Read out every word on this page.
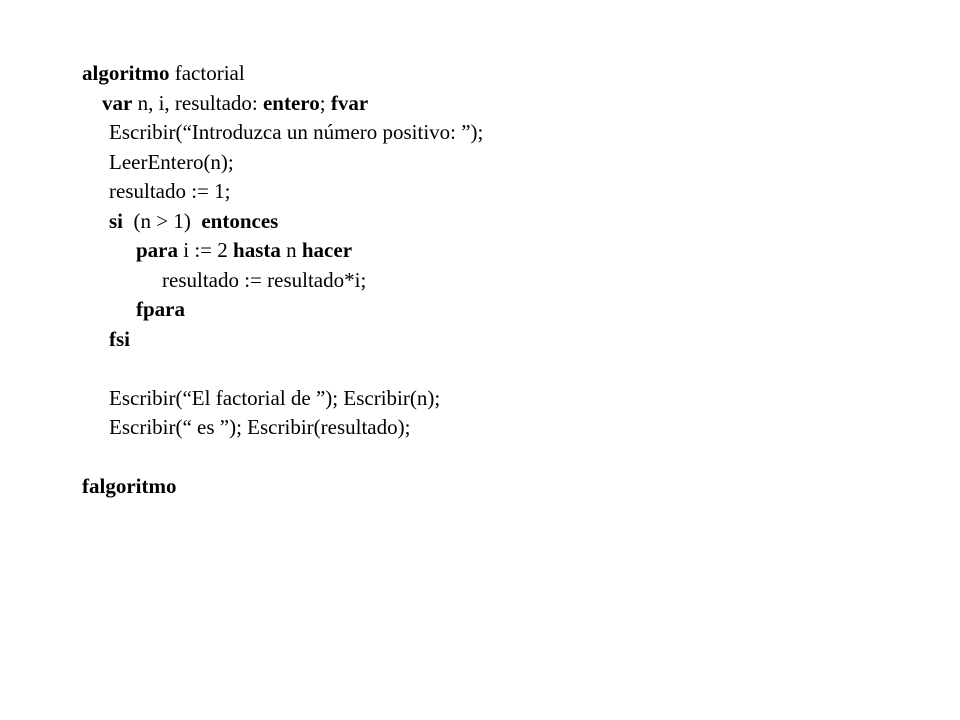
algoritmo factorial
var n, i, resultado: entero; fvar
Escribir(“Introduzca un número positivo: ”);
LeerEntero(n);
resultado := 1;
si  (n > 1)  entonces
para i := 2 hasta n hacer
resultado := resultado*i;
fpara
fsi
Escribir(“El factorial de ”); Escribir(n);
Escribir(“ es ”); Escribir(resultado);
falgoritmo
